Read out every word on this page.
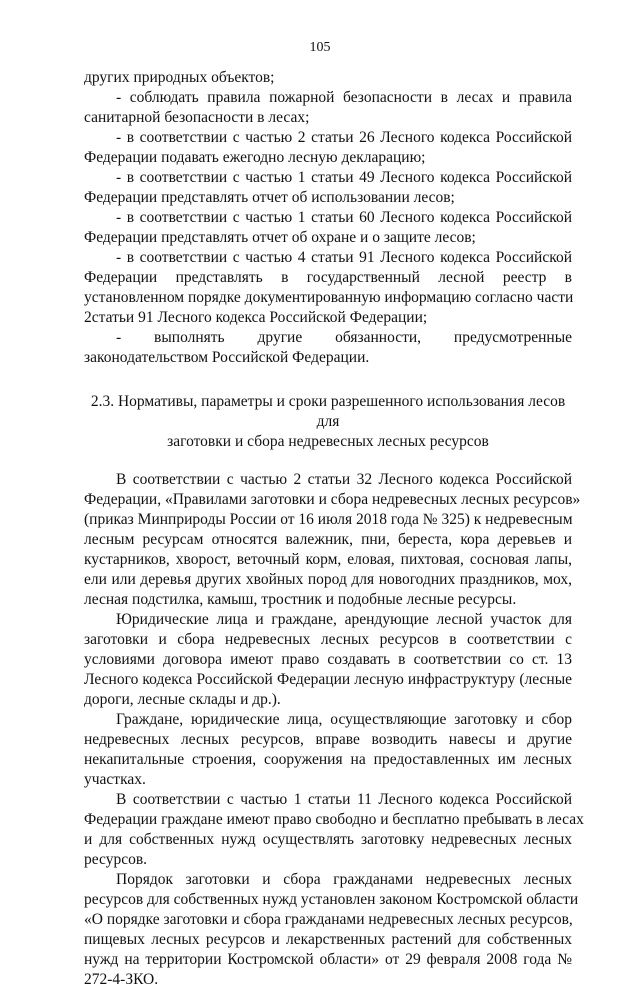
105

других природных объектов;

- соблюдать правила пожарной безопасности в лесах и правила
санитарной безопасности в лесах;

- в соответствии с частью 2 статьи 26 Лесного кодекса Российской
Федерации подавать ежегодно лесную декларацию;

- в соответствии с частью 1 статьи 49 Лесного кодекса Российской
Федерации представлять отчет об использовании лесов;

- в соответствии с частью 1 статьи 60 Лесного кодекса Российской
Федерации представлять отчет об охране и о защите лесов;

- в соответствии с частью 4 статьи 91 Лесного кодекса Российской
Федерации представлять в государственный лесной реестр в
установленном порядке документированную информацию согласно части
2статьи 91 Лесного кодекса Российской Федерации;

- выполнять другие обязанности, предусмотренные
законодательством Российской Федерации.

2.3. Нормативы, параметры и сроки разрешенного использования лесов для
заготовки и сбора недревесных лесных ресурсов

В соответствии с частью 2 статьи 32 Лесного кодекса Российской
Федерации, «Правилами заготовки и сбора недревесных лесных ресурсов»
(приказ Минприроды России от 16 июля 2018 года № 325) к недревесным
лесным ресурсам относятся валежник, пни, береста, кора деревьев и
кустарников, хворост, веточный корм, еловая, пихтовая, сосновая лапы,
ели или деревья других хвойных пород для новогодних праздников, мох,
лесная подстилка, камыш, тростник и подобные лесные ресурсы.

Юридические лица и граждане, арендующие лесной участок для
заготовки и сбора недревесных лесных ресурсов в соответствии с
условиями договора имеют право создавать в соответствии со ст. 13
Лесного кодекса Российской Федерации лесную инфраструктуру (лесные
дороги, лесные склады и др.).

Граждане, юридические лица, осуществляющие заготовку и сбор
недревесных лесных ресурсов, вправе возводить навесы и другие
некапитальные строения, сооружения на предоставленных им лесных
участках.

В соответствии с частью 1 статьи 11 Лесного кодекса Российской
Федерации граждане имеют право свободно и бесплатно пребывать в лесах
и для собственных нужд осуществлять заготовку недревесных лесных
ресурсов.

Порядок заготовки и сбора гражданами недревесных лесных
ресурсов для собственных нужд установлен законом Костромской области
«О порядке заготовки и сбора гражданами недревесных лесных ресурсов,
пищевых лесных ресурсов и лекарственных растений для собственных
нужд на территории Костромской области» от 29 февраля 2008 года №
272-4-ЗКО.
